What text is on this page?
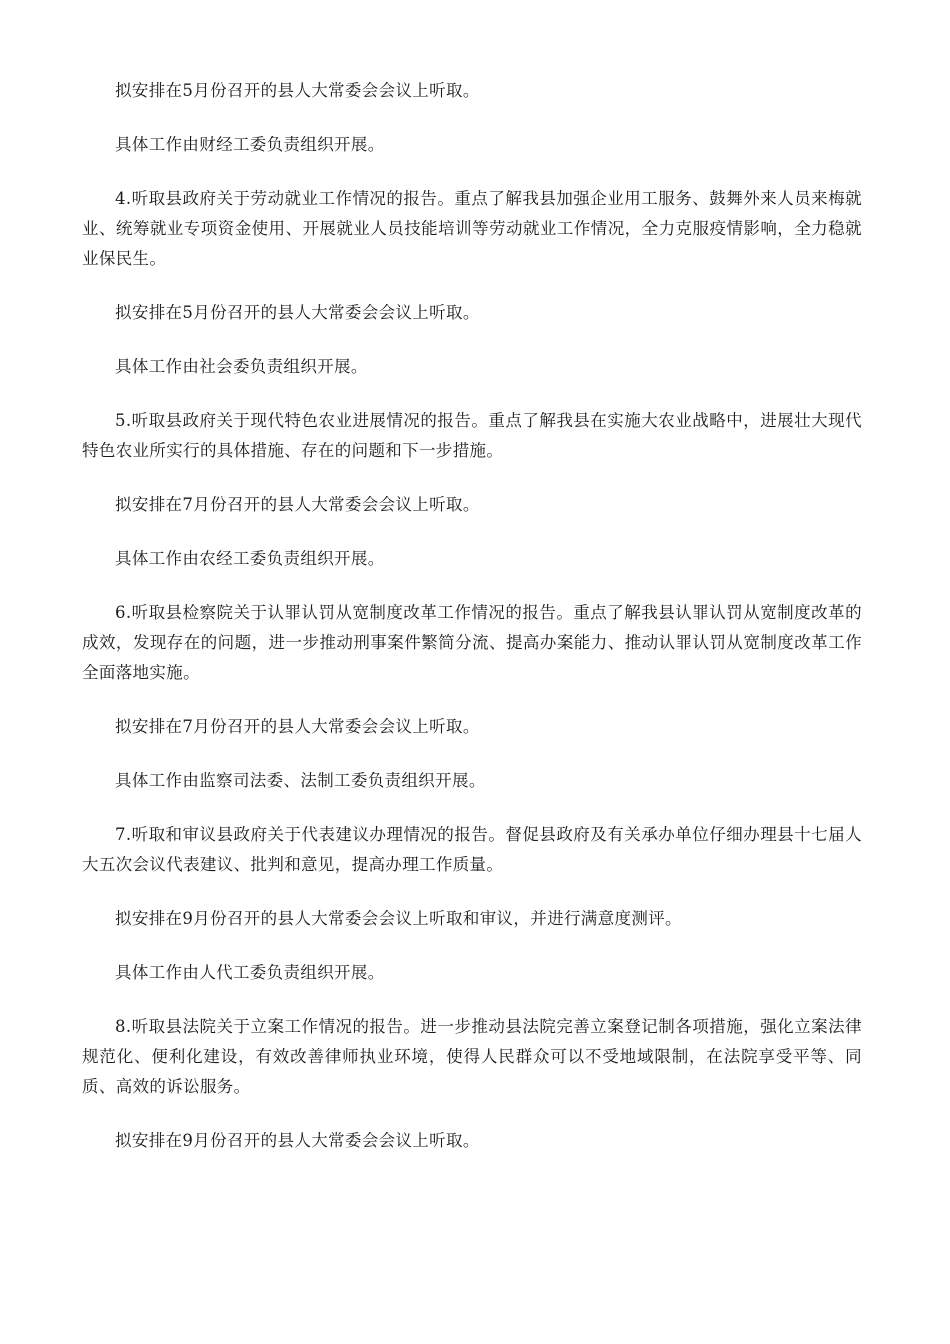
拟安排在5月份召开的县人大常委会会议上听取。

具体工作由财经工委负责组织开展。

4.听取县政府关于劳动就业工作情况的报告。重点了解我县加强企业用工服务、鼓舞外来人员来梅就业、统筹就业专项资金使用、开展就业人员技能培训等劳动就业工作情况，全力克服疫情影响，全力稳就业保民生。

拟安排在5月份召开的县人大常委会会议上听取。

具体工作由社会委负责组织开展。

5.听取县政府关于现代特色农业进展情况的报告。重点了解我县在实施大农业战略中，进展壮大现代特色农业所实行的具体措施、存在的问题和下一步措施。

拟安排在7月份召开的县人大常委会会议上听取。

具体工作由农经工委负责组织开展。

6.听取县检察院关于认罪认罚从宽制度改革工作情况的报告。重点了解我县认罪认罚从宽制度改革的成效，发现存在的问题，进一步推动刑事案件繁简分流、提高办案能力、推动认罪认罚从宽制度改革工作全面落地实施。

拟安排在7月份召开的县人大常委会会议上听取。

具体工作由监察司法委、法制工委负责组织开展。

7.听取和审议县政府关于代表建议办理情况的报告。督促县政府及有关承办单位仔细办理县十七届人大五次会议代表建议、批判和意见，提高办理工作质量。

拟安排在9月份召开的县人大常委会会议上听取和审议，并进行满意度测评。

具体工作由人代工委负责组织开展。

8.听取县法院关于立案工作情况的报告。进一步推动县法院完善立案登记制各项措施，强化立案法律规范化、便利化建设，有效改善律师执业环境，使得人民群众可以不受地域限制，在法院享受平等、同质、高效的诉讼服务。

拟安排在9月份召开的县人大常委会会议上听取。
